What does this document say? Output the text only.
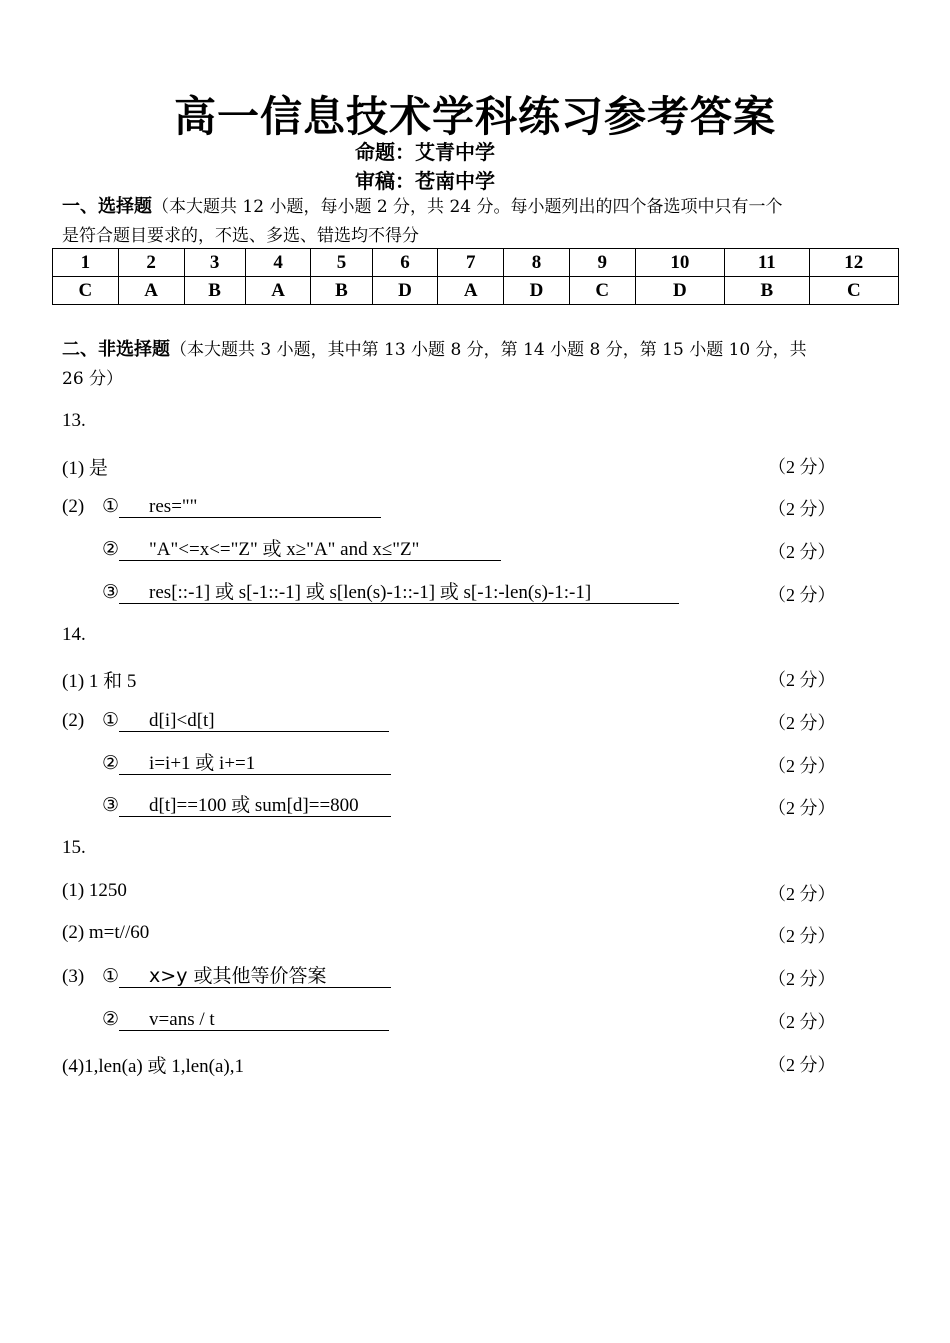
高一信息技术学科练习参考答案
命题：艾青中学
审稿：苍南中学
一、选择题（本大题共 12 小题，每小题 2 分，共 24 分。每小题列出的四个备选项中只有一个
是符合题目要求的，不选、多选、错选均不得分
1	2	3	4	5	6	7	8	9	10	11	12
C	A	B	A	B	D	A	D	C	D	B	C
二、非选择题（本大题共 3 小题，其中第 13 小题 8 分，第 14 小题 8 分，第 15 小题 10 分，共
26 分）
13.
(1) 是	（2 分）
(2) ① res=""	（2 分）
② "A"<=x<="Z" 或 x≥"A" and x≤"Z"	（2 分）
③ res[::-1] 或 s[-1::-1] 或 s[len(s)-1::-1] 或 s[-1:-len(s)-1:-1]	（2 分）
14.
(1) 1 和 5	（2 分）
(2) ① d[i]<d[t]	（2 分）
② i=i+1 或 i+=1	（2 分）
③ d[t]==100 或 sum[d]==800	（2 分）
15.
(1) 1250	（2 分）
(2) m=t//60	（2 分）
(3) ① x>y 或其他等价答案	（2 分）
② v=ans / t	（2 分）
(4)1,len(a) 或 1,len(a),1	（2 分）
